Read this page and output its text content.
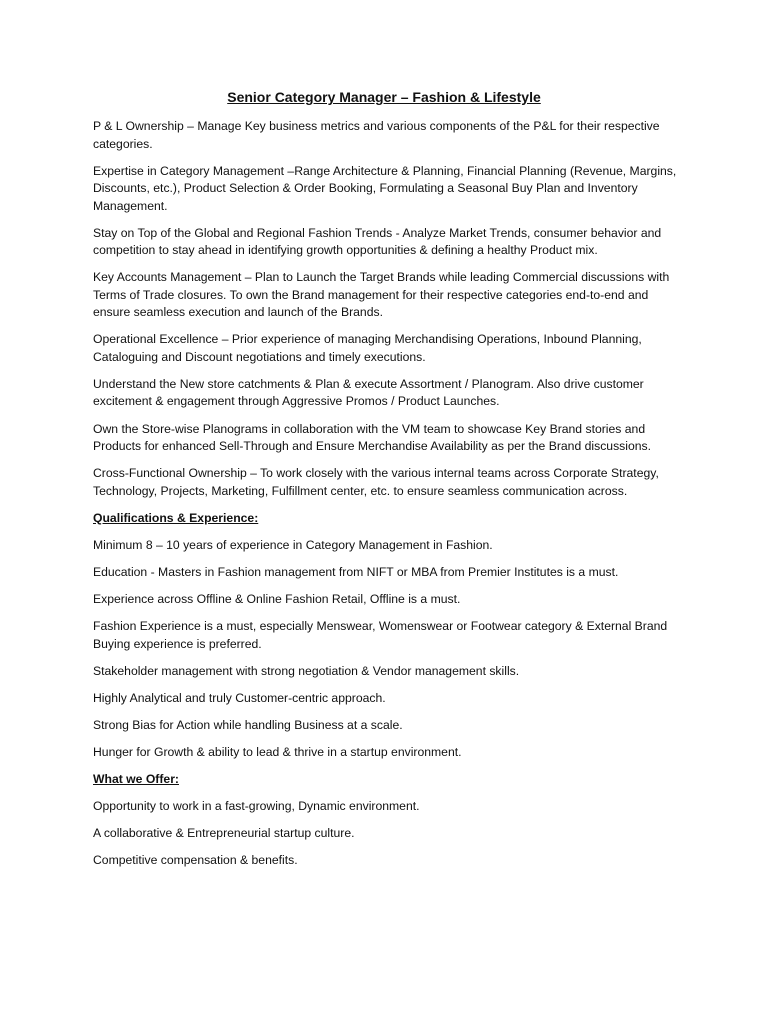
Senior Category Manager – Fashion & Lifestyle
P & L Ownership – Manage Key business metrics and various components of the P&L for their respective categories.
Expertise in Category Management –Range Architecture & Planning, Financial Planning (Revenue, Margins, Discounts, etc.), Product Selection & Order Booking, Formulating a Seasonal Buy Plan and Inventory Management.
Stay on Top of the Global and Regional Fashion Trends - Analyze Market Trends, consumer behavior and competition to stay ahead in identifying growth opportunities & defining a healthy Product mix.
Key Accounts Management – Plan to Launch the Target Brands while leading Commercial discussions with Terms of Trade closures. To own the Brand management for their respective categories end-to-end and ensure seamless execution and launch of the Brands.
Operational Excellence – Prior experience of managing Merchandising Operations, Inbound Planning, Cataloguing and Discount negotiations and timely executions.
Understand the New store catchments & Plan & execute Assortment / Planogram. Also drive customer excitement & engagement through Aggressive Promos / Product Launches.
Own the Store-wise Planograms in collaboration with the VM team to showcase Key Brand stories and Products for enhanced Sell-Through and Ensure Merchandise Availability as per the Brand discussions.
Cross-Functional Ownership – To work closely with the various internal teams across Corporate Strategy, Technology, Projects, Marketing, Fulfillment center, etc. to ensure seamless communication across.
Qualifications & Experience:
Minimum 8 – 10 years of experience in Category Management in Fashion.
Education - Masters in Fashion management from NIFT or MBA from Premier Institutes is a must.
Experience across Offline & Online Fashion Retail, Offline is a must.
Fashion Experience is a must, especially Menswear, Womenswear or Footwear category & External Brand Buying experience is preferred.
Stakeholder management with strong negotiation & Vendor management skills.
Highly Analytical and truly Customer-centric approach.
Strong Bias for Action while handling Business at a scale.
Hunger for Growth & ability to lead & thrive in a startup environment.
What we Offer:
Opportunity to work in a fast-growing, Dynamic environment.
A collaborative & Entrepreneurial startup culture.
Competitive compensation & benefits.
